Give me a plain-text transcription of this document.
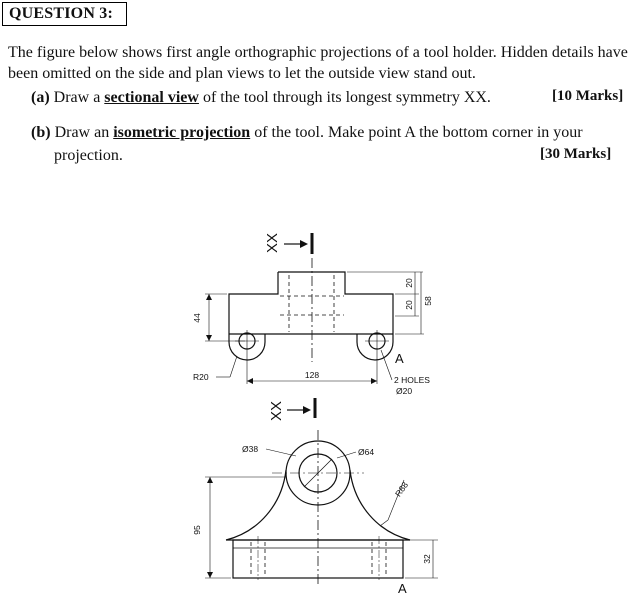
QUESTION 3:
The figure below shows first angle orthographic projections of a tool holder. Hidden details have been omitted on the side and plan views to let the outside view stand out.
(a) Draw a sectional view of the tool through its longest symmetry XX.	[10 Marks]
(b) Draw an isometric projection of the tool. Make point A the bottom corner in your
projection.	[30 Marks]
XX
XX
44
20
20 58
R20	128	2 HOLES
Ø20
A
Ø38	Ø64
R88
95
32
A
